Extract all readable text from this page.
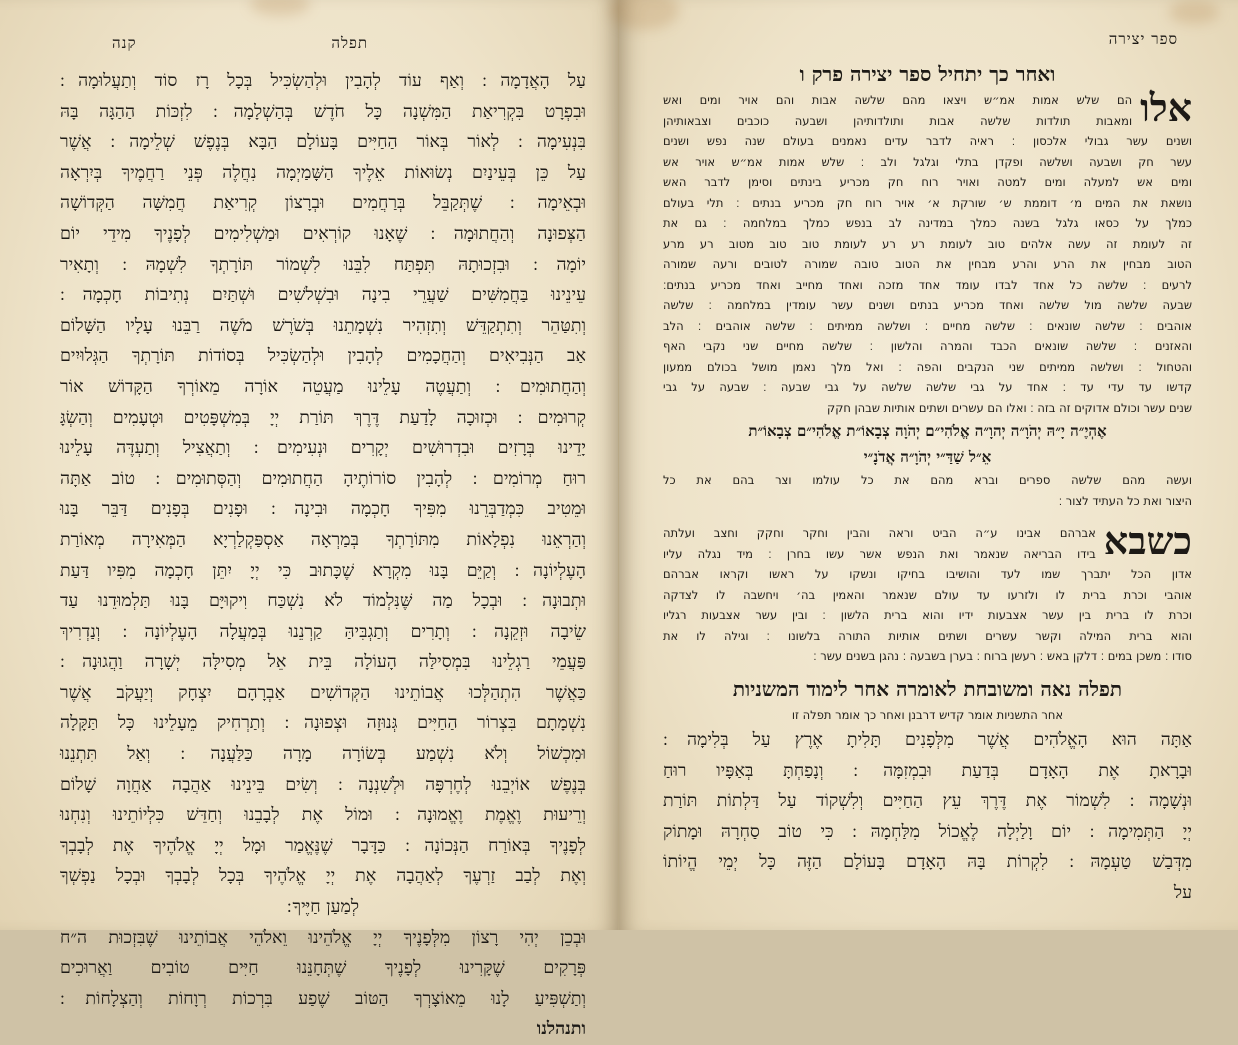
תפלה
קנה
עַל הָאֲדָמָה ׃ וְאַף עוֹד לְהָבִין וּלְהַשְׂכִּיל בְּכָל רָז סוֹד וְתַעֲלוּמָה ׃
וּבִפְרָט בִּקְרִיאַת הַמִּשְׁנָה כָּל חֹדֶשׁ בְּהַשְׁלָמָה ׃ לִזְכּוֹת הַהַגָּה בָּהּ
בִּנְעִימָה ׃ לְאוֹר בְּאוֹר הַחַיִּים בָּעוֹלָם הַבָּא בְּנֶפֶשׁ שְׁלֵימָה ׃ אֲשֶׁר
עַל כֵּן בְּעֵינַיִם נְשׂוּאוֹת אֵלֶיךָ הַשָּׁמַיְמָה נִחֲלֶה פְּנֵי רַחֲמֶיךָ בְּיִרְאָה
וּבְאֵימָה ׃ שֶׁתְּקַבֵּל בְּרַחֲמִים וּבְרָצוֹן קְרִיאַת חֲמִשָּׁה הַקְּדוֹשָׁה
הַצְּפוּנָה וְהַחֲתוּמָה ׃ שֶׁאָנוּ קוֹרְאִים וּמַשְׁלִימִים לְפָנֶיךָ מִידֵי יוֹם
יוֹמָה ׃ וּבִזְכוּתָהּ תִּפְתַּח לִבֵּנוּ לִשְׁמוֹר תּוֹרָתְךָ לִשְׁמָהּ ׃ וְתָאִיר
עֵינֵינוּ בַּחֲמִשִּׁים שַׁעֲרֵי בִינָה וּבִשְׁלשִׁים וּשְׁתַּיִם נְתִיבוֹת חָכְמָה ׃
וְתִטַּהֵר וְתִתְקַדֵּשׁ וְתִזְהִיר נִשְׁמָתֵנוּ בְּשֹׁרֶשׁ מֹשֶׁה רַבֵּנוּ עָלָיו הַשָּׁלוֹם
אַב הַנְּבִיאִים וְהַחֲכָמִים לְהָבִין וּלְהַשְׂכִּיל בְּסוֹדוֹת תּוֹרָתְךָ הַגְּלוּיִים
וְהַחֲתוּמִים ׃ וְתַעֲטֶה עָלֵינוּ מַעֲטֵה אוֹרָה מֵאוֹרְךָ הַקָּדוֹשׁ אוֹר
קְרוּמִים ׃ וּכְזוּכָה לָדַעַת דֶּרֶךְ תּוֹרַת יְיָ בְּמִשְׁפָּטִים וּטְעָמִים וְהַשְׂגָּ
יָדֵינוּ בְּרָזִים וּבִדְרוּשִׁים יְקָרִים וּנְעִימִים ׃ וְתַאֲצִיל וְתַעְדֶּה עָלֵינוּ
רוּחַ מְרוֹמִים ׃ לְהָבִין סוֹרוֹתֶיהָ הַחֲתוּמִים וְהַסְּתוּמִים ׃ טוֹב אַתָּה
וּמֵטִיב כִּמְדַבְּרֵנוּ מִפִּיךָ חָכְמָה וּבִינָה ׃ וּפָנִים בְּפָנִים דַּבֵּר בָּנוּ
וְהַרְאֵנוּ נִפְלָאוֹת מִתּוֹרָתְךָ בְּמַרְאָה אַסְפַּקְלַרְיָא הַמְּאִירָה מְאוֹרַת
הָעֶלְיוֹנָה ׃ וְקַיֵּם בָּנוּ מִקְרָא שֶׁכָּתוּב כִּי יְיָ יִתֵּן חָכְמָה מִפִּיו דַּעַת
וּתְבוּנָה ׃ וּבְכָל מַה שֶּׁנִּלְמוֹד לֹא נִשְׁכַּח וִיקוּיָּם בָּנוּ תַּלְמוּדֵנוּ עַד
שֵׂיבָה וּזְקֵנָה ׃ וְתָרִים וְתַגְבִּיהַּ קַרְנֵנוּ בְּמַעֲלָה הָעֶלְיוֹנָה ׃ וְנַדְרִיךְ
פַּעֲמֵי רַגְלֵינוּ בִּמְסִילַּה הָעוֹלָה בֵּית אֵל מְסִילָּה יְשָׁרָה וַהֲגוּנָה ׃
כַּאֲשֶׁר הִתְהַלְּכוּ אֲבוֹתֵינוּ הַקְּדוֹשִׁים אַבְרָהָם יִצְחָק וְיַעֲקֹב אֲשֶׁר
נִשְׁמָתָם בִּצְרוֹר הַחַיִּים גְּנוּזָה וּצְפוּנָה ׃ וְתַרְחִיק מֵעָלֵינוּ כָּל תַּקָּלָה
וּמִכְשׁוֹל וְלֹא נִשְׁמַע בְּשׂוֹרָה מָרָה כַּלַּעֲנָה ׃ וְאַל תִּתְנֵנוּ
בְּנֶפֶשׁ אוֹיְבֵנוּ לְחֶרְפָּה וּלְשִׁנְנָה ׃ וְשִׂים בֵּינֵינוּ אַהֲבָה אַחֲוָה שָׁלוֹם
וְרֵיעוּת וֶאֱמֶת וֶאֱמוּנָה ׃ וּמוֹל אֶת לְבָבֵנוּ וְחַדֵּשׁ כִּלְיוֹתֵינוּ וְנִחְנוּ
לְפָנֶיךָ בְּאוֹרַח הַנְּכוֹנָה ׃ כַּדָּבָר שֶׁנֶּאֱמַר וּמָל יְיָ אֱלֹהֶיךָ אֶת לְבָבְךָ
וְאֶת לְבַב זַרְעֶךָ לְאַהֲבָה אֶת יְיָ אֱלֹהֶיךָ בְּכָל לְבָבְךָ וּבְכָל נַפְשְׁךָ
לְמַעַן חַיֶּיךָ ׃
וּבְכֵן יְהִי רָצוֹן מִלְּפָנֶיךָ יְיָ אֱלֹהֵינוּ וֵאלֹהֵי אֲבוֹתֵינוּ שֶׁבִּזְכוּת ה״ח
פְּרָקִים שֶׁקָּרִינוּ לְפָנֶיךָ שֶׁתְּחָנֵּנוּ חַיִּים טוֹבִים וַאֲרוּכִים
וְתַשְׁפִּיעַ לָנוּ מֵאוֹצָרְךָ הַטּוֹב שֶׁפַע בִּרְכוֹת רְוָחוֹת וְהַצְלָחוֹת ׃
ותנהלנו
ספר יצירה
ואחר כך יתחיל ספר יצירה פרק ו
אלו
הם שלש אמות אמ״ש ויצאו מהם שלשה אבות והם אויר ומים ואש
ומאבות תולדות שלשה אבות ותולדותיהן ושבעה כוכבים וצבאותיהן
ושנים עשר גבולי אלכסון ׃ ראיה לדבר עדים נאמנים בעולם שנה נפש ושנים
עשר חק ושבעה ושלשה ופקדן בתלי וגלגל ולב ׃ שלש אמות אמ״ש אויר אש
ומים אש למעלה ומים למטה ואויר רוח חק מכריע בינתים וסימן לדבר האש
נושאת את המים מ׳ דוממת ש׳ שורקת א׳ אויר רוח חק מכריע בנתים ׃ תלי בעולם
כמלך על כסאו גלגל בשנה כמלך במדינה לב בנפש כמלך במלחמה ׃ גם את
זה לעומת זה עשה אלהים טוב לעומת רע רע לעומת טוב טוב מטוב רע מרע
הטוב מבחין את הרע והרע מבחין את הטוב טובה שמורה לטובים ורעה שמורה
לרעים ׃ שלשה כל אחד לבדו עומד אחד מזכה ואחד מחייב ואחד מכריע בנתים׃
שבעה שלשה מול שלשה ואחד מכריע בנתים ושנים עשר עומדין במלחמה ׃ שלשה
אוהבים ׃ שלשה שונאים ׃ שלשה מחיים ׃ ושלשה ממיתים ׃ שלשה אוהבים ׃ הלב
והאזנים ׃ שלשה שונאים הכבד והמרה והלשון ׃ שלשה מחיים שני נקבי האף
והטחול ׃ ושלשה ממיתים שני הנקבים והפה ׃ ואל מלך נאמן מושל בכולם ממעון
קדשו עד עדי עד ׃ אחד על גבי שלשה שלשה על גבי שבעה ׃ שבעה על גבי
שנים עשר וכולם אדוקים זה בזה ׃ ואלו הם עשרים ושתים אותיות שבהן חקק
אֶהְיֶ״ה יָ״הּ יְהֹוָ״ה יְהוָ״ה אֱלֹהִי״ם יְהֹוָה צְבָאוֹ״ת אֱלֹהִי״ם צְבָאוֹ״ת
אֵ״ל שַׁדַּ״י יְהֹוָ״ה אֲדֹנָ״י
ועשה מהם שלשה ספרים וברא מהם את כל עולמו וצר בהם את כל
היצור ואת כל העתיד לצור ׃
כשבא
אברהם אבינו ע״ה הביט וראה והבין וחקר וחקק וחצב ועלתה
בידו הבריאה שנאמר ואת הנפש אשר עשו בחרן ׃ מיד נגלה עליו
אדון הכל יתברך שמו לעד והושיבו בחיקו ונשקו על ראשו וקראו אברהם
אוהבי וכרת ברית לו ולזרעו עד עולם שנאמר והאמין בה׳ ויחשבה לו לצדקה
וכרת לו ברית בין עשר אצבעות ידיו והוא ברית הלשון ׃ ובין עשר אצבעות רגליו
והוא ברית המילה וקשר עשרים ושתים אותיות התורה בלשונו ׃ וגילה לו את
סודו ׃ משכן במים ׃ דלקן באש ׃ רעשן ברוח ׃ בערן בשבעה ׃ נהגן בשנים עשר ׃
תפלה נאה ומשובחת לאומרה אחר לימוד המשניות
אחר התשניות אומר קדיש דרבנן ואחר כך אומר תפלה זו
אַתָּה הוּא הָאֱלֹהִים אֲשֶׁר מִלְּפָנִים תָּלִיתָ אֶרֶץ עַל בְּלִימָה ׃
וּבָרָאתָ אֶת הָאָדָם בְּדַעַת וּבִמְזִמָּה ׃ וְנָפַחְתָּ בְּאַפָּיו רוּחַ
וּנְשָׁמָה ׃ לִשְׁמוֹר אֶת דֶּרֶךְ עֵץ הַחַיִּים וְלִשְׁקוֹד עַל דַּלְתוֹת תּוֹרַת
יְיָ הַתְּמִימָה ׃ יוֹם וָלַיְלָה לֶאֱכוֹל מִלַּחְמָהּ ׃ כִּי טוֹב סַחְרָהּ וּמָתוֹק
מִדְּבַשׁ טַעְמָהּ ׃ לִקְרוֹת בָּהּ הָאָדָם בָּעוֹלָם הַזֶּה כָּל יְמֵי הֱיוֹתוֹ
על
